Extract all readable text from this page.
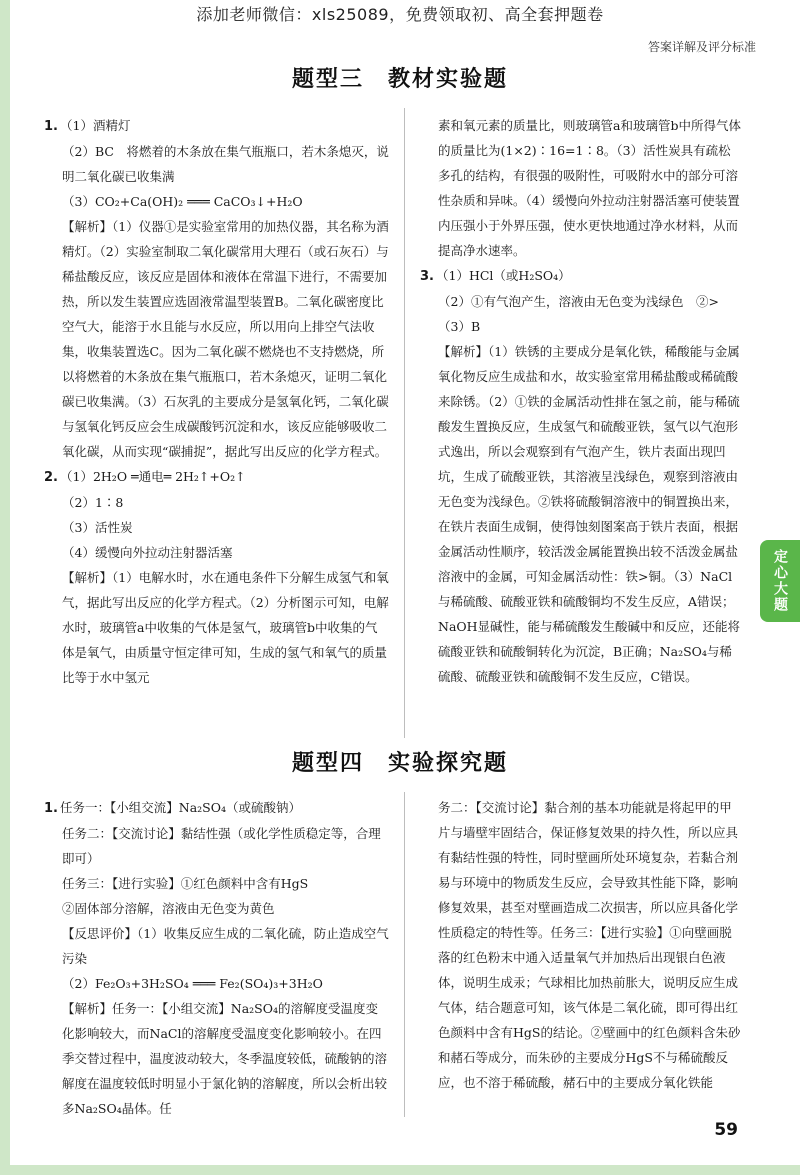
添加老师微信：xls25089，免费领取初、高全套押题卷
答案详解及评分标准
题型三　教材实验题

1. （1）酒精灯

（2）BC　将燃着的木条放在集气瓶瓶口，若木条熄灭，说明二氧化碳已收集满

（3）CO₂+Ca(OH)₂ ═══ CaCO₃↓+H₂O

【解析】（1）仪器①是实验室常用的加热仪器，其名称为酒精灯。（2）实验室制取二氧化碳常用大理石（或石灰石）与稀盐酸反应，该反应是固体和液体在常温下进行，不需要加热，所以发生装置应选固液常温型装置B。二氧化碳密度比空气大，能溶于水且能与水反应，所以用向上排空气法收集，收集装置选C。因为二氧化碳不燃烧也不支持燃烧，所以将燃着的木条放在集气瓶瓶口，若木条熄灭，证明二氧化碳已收集满。（3）石灰乳的主要成分是氢氧化钙，二氧化碳与氢氧化钙反应会生成碳酸钙沉淀和水，该反应能够吸收二氧化碳，从而实现“碳捕捉”，据此写出反应的化学方程式。

2. （1）2H₂O ═通电═ 2H₂↑+O₂↑

（2）1∶8

（3）活性炭

（4）缓慢向外拉动注射器活塞

【解析】（1）电解水时，水在通电条件下分解生成氢气和氧气，据此写出反应的化学方程式。（2）分析图示可知，电解水时，玻璃管a中收集的气体是氢气，玻璃管b中收集的气体是氧气，由质量守恒定律可知，生成的氢气和氧气的质量比等于水中氢元

素和氧元素的质量比，则玻璃管a和玻璃管b中所得气体的质量比为(1×2)∶16=1∶8。（3）活性炭具有疏松多孔的结构，有很强的吸附性，可吸附水中的部分可溶性杂质和异味。（4）缓慢向外拉动注射器活塞可使装置内压强小于外界压强，使水更快地通过净水材料，从而提高净水速率。

3. （1）HCl（或H₂SO₄）

（2）①有气泡产生，溶液由无色变为浅绿色　②>

（3）B

【解析】（1）铁锈的主要成分是氧化铁，稀酸能与金属氧化物反应生成盐和水，故实验室常用稀盐酸或稀硫酸来除锈。（2）①铁的金属活动性排在氢之前，能与稀硫酸发生置换反应，生成氢气和硫酸亚铁，氢气以气泡形式逸出，所以会观察到有气泡产生，铁片表面出现凹坑，生成了硫酸亚铁，其溶液呈浅绿色，观察到溶液由无色变为浅绿色。②铁将硫酸铜溶液中的铜置换出来，在铁片表面生成铜，使得蚀刻图案高于铁片表面，根据金属活动性顺序，较活泼金属能置换出较不活泼金属盐溶液中的金属，可知金属活动性：铁>铜。（3）NaCl与稀硫酸、硫酸亚铁和硫酸铜均不发生反应，A错误；NaOH显碱性，能与稀硫酸发生酸碱中和反应，还能将硫酸亚铁和硫酸铜转化为沉淀，B正确；Na₂SO₄与稀硫酸、硫酸亚铁和硫酸铜不发生反应，C错误。

题型四　实验探究题

1. 任务一：【小组交流】Na₂SO₄（或硫酸钠）

任务二：【交流讨论】黏结性强（或化学性质稳定等，合理即可）

任务三：【进行实验】①红色颜料中含有HgS

②固体部分溶解，溶液由无色变为黄色

【反思评价】（1）收集反应生成的二氧化硫，防止造成空气污染

（2）Fe₂O₃+3H₂SO₄ ═══ Fe₂(SO₄)₃+3H₂O

【解析】任务一：【小组交流】Na₂SO₄的溶解度受温度变化影响较大，而NaCl的溶解度受温度变化影响较小。在四季交替过程中，温度波动较大，冬季温度较低，硫酸钠的溶解度在温度较低时明显小于氯化钠的溶解度，所以会析出较多Na₂SO₄晶体。任

务二：【交流讨论】黏合剂的基本功能就是将起甲的甲片与墙壁牢固结合，保证修复效果的持久性，所以应具有黏结性强的特性，同时壁画所处环境复杂，若黏合剂易与环境中的物质发生反应，会导致其性能下降，影响修复效果，甚至对壁画造成二次损害，所以应具备化学性质稳定的特性等。任务三：【进行实验】①向壁画脱落的红色粉末中通入适量氧气并加热后出现银白色液体，说明生成汞；气球相比加热前胀大，说明反应生成气体，结合题意可知，该气体是二氧化硫，即可得出红色颜料中含有HgS的结论。②壁画中的红色颜料含朱砂和赭石等成分，而朱砂的主要成分HgS不与稀硫酸反应，也不溶于稀硫酸，赭石中的主要成分氧化铁能

定心大题
59
